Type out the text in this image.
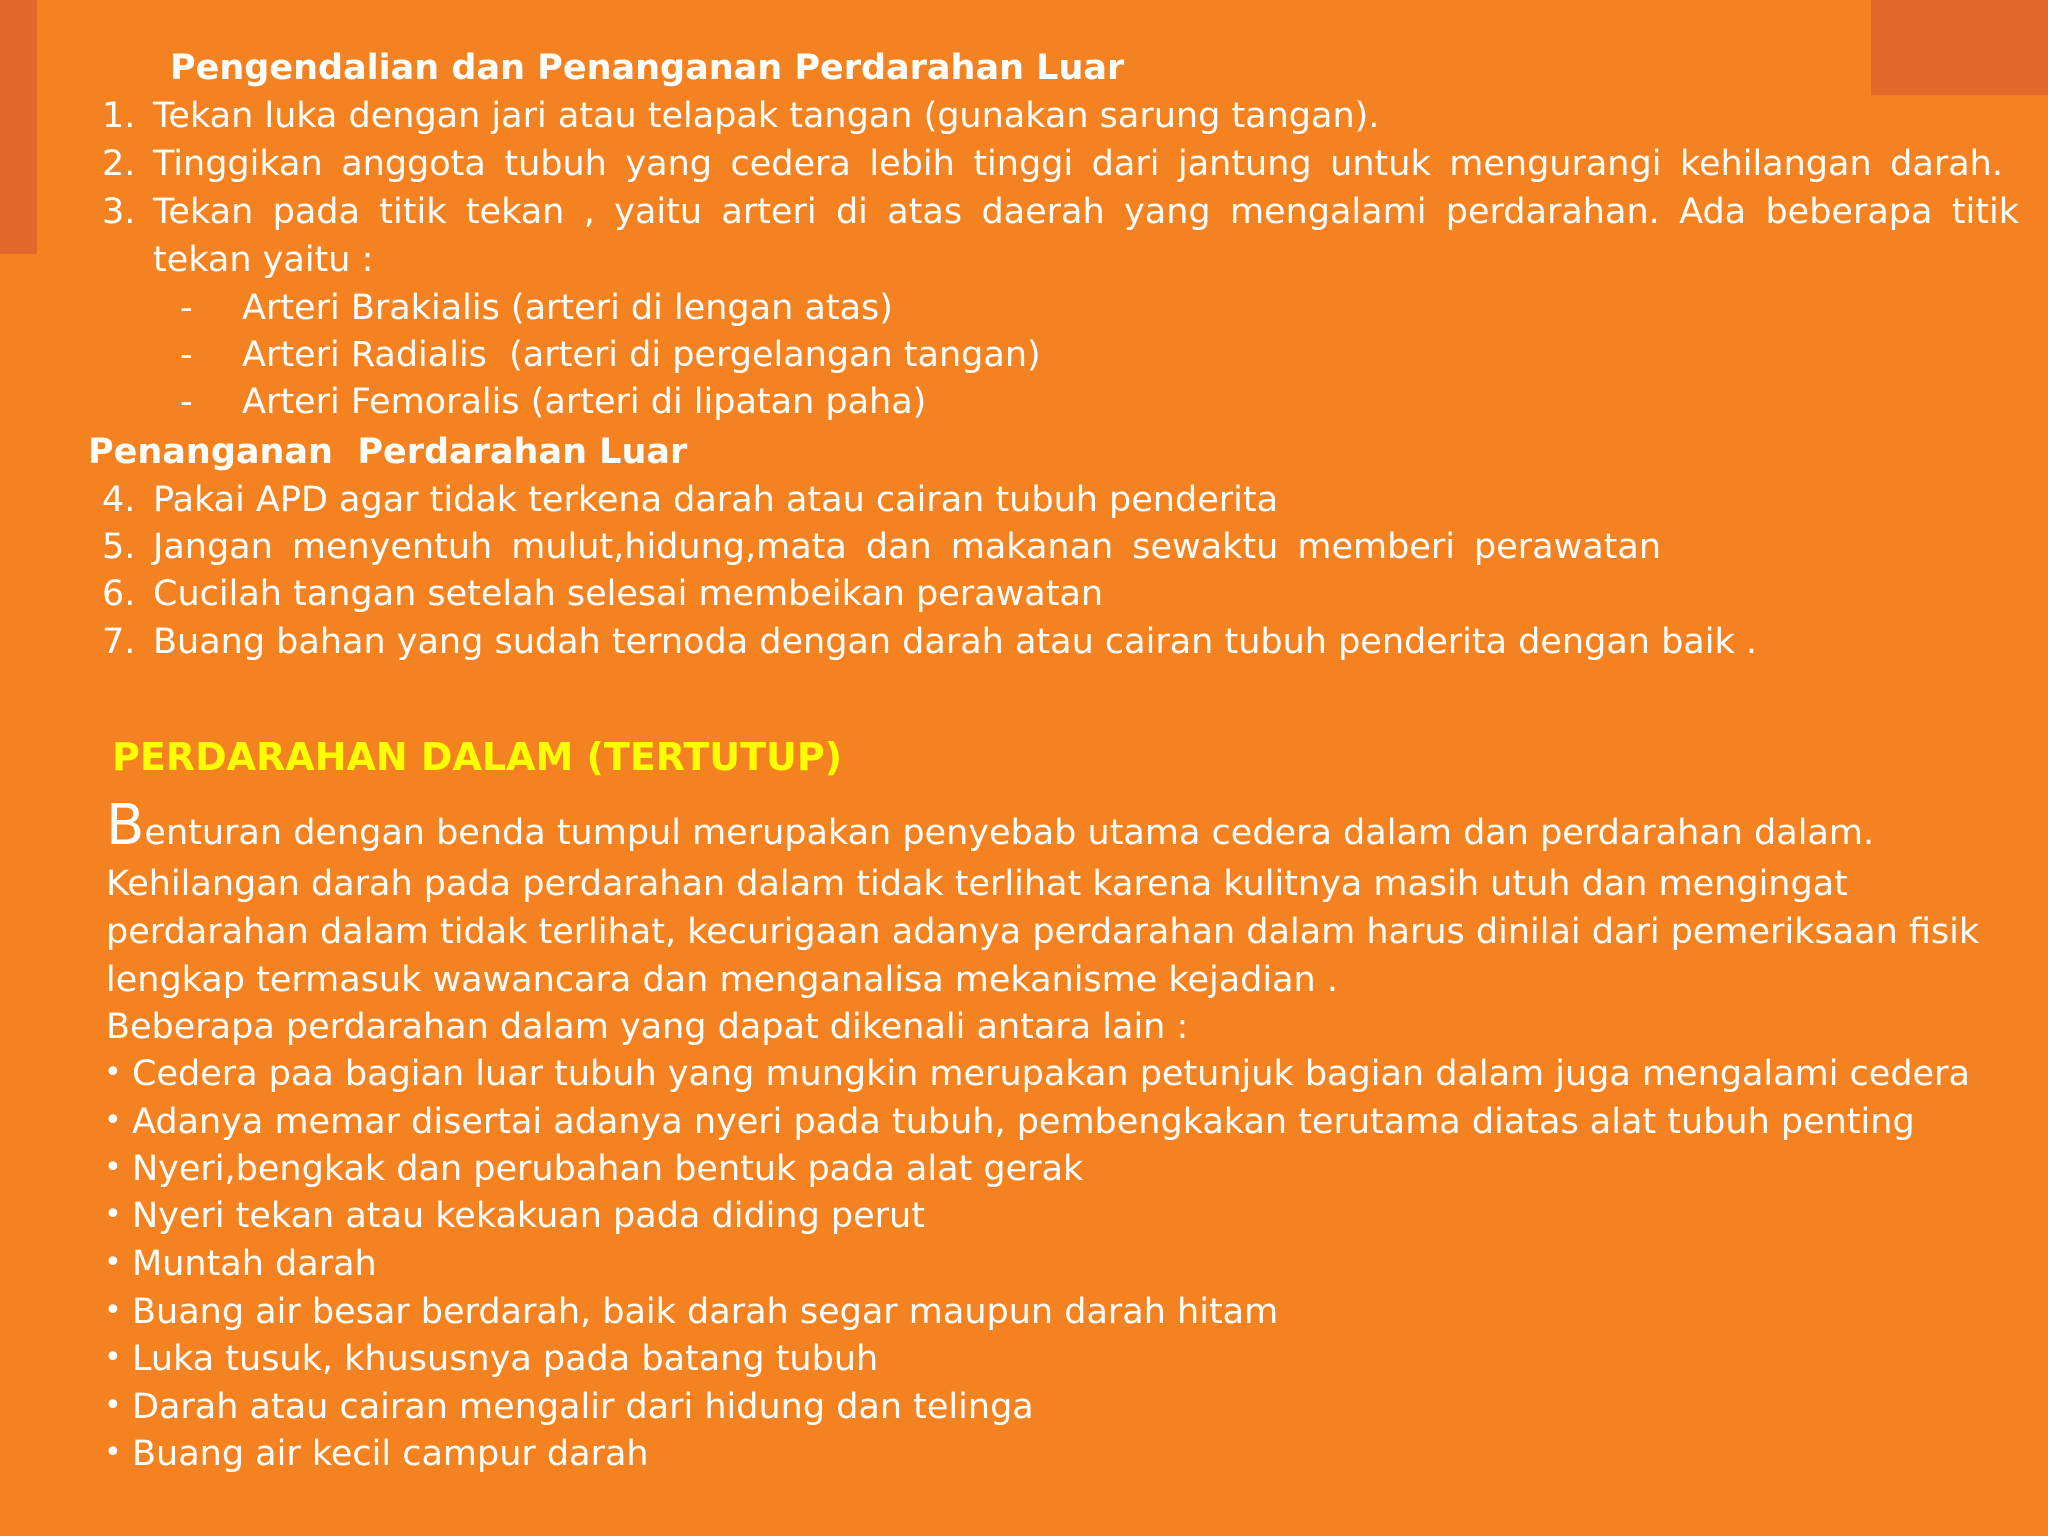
Pengendalian dan Penanganan Perdarahan Luar
1. Tekan luka dengan jari atau telapak tangan (gunakan sarung tangan).
2. Tinggikan anggota tubuh yang cedera lebih tinggi dari jantung untuk mengurangi kehilangan darah.
3. Tekan pada titik tekan , yaitu arteri di atas daerah yang mengalami perdarahan. Ada beberapa titik
tekan yaitu :
- Arteri Brakialis (arteri di lengan atas)
- Arteri Radialis  (arteri di pergelangan tangan)
- Arteri Femoralis (arteri di lipatan paha)
Penanganan  Perdarahan Luar
4. Pakai APD agar tidak terkena darah atau cairan tubuh penderita
5. Jangan menyentuh mulut,hidung,mata dan makanan sewaktu memberi perawatan
6. Cucilah tangan setelah selesai membeikan perawatan
7. Buang bahan yang sudah ternoda dengan darah atau cairan tubuh penderita dengan baik .
PERDARAHAN DALAM (TERTUTUP)
Benturan dengan benda tumpul merupakan penyebab utama cedera dalam dan perdarahan dalam.
Kehilangan darah pada perdarahan dalam tidak terlihat karena kulitnya masih utuh dan mengingat
perdarahan dalam tidak terlihat, kecurigaan adanya perdarahan dalam harus dinilai dari pemeriksaan fisik
lengkap termasuk wawancara dan menganalisa mekanisme kejadian .
Beberapa perdarahan dalam yang dapat dikenali antara lain :
• Cedera paa bagian luar tubuh yang mungkin merupakan petunjuk bagian dalam juga mengalami cedera
• Adanya memar disertai adanya nyeri pada tubuh, pembengkakan terutama diatas alat tubuh penting
• Nyeri,bengkak dan perubahan bentuk pada alat gerak
• Nyeri tekan atau kekakuan pada diding perut
• Muntah darah
• Buang air besar berdarah, baik darah segar maupun darah hitam
• Luka tusuk, khususnya pada batang tubuh
• Darah atau cairan mengalir dari hidung dan telinga
• Buang air kecil campur darah
